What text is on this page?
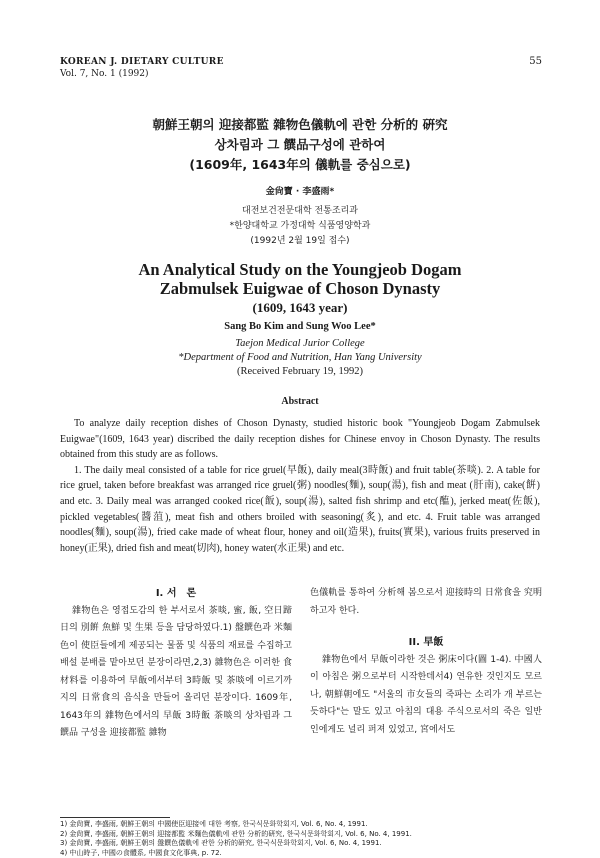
KOREAN J. DIETARY CULTURE
Vol. 7, No. 1 (1992)
55
朝鮮王朝의 迎接都監 雜物色儀軌에 관한 分析的 硏究
상차림과 그 饌品구성에 관하여
(1609年, 1643年의 儀軌를 중심으로)
金尙寶 · 李盛雨*
대전보건전문대학 전통조리과
*한양대학교 가정대학 식품영양학과
(1992년 2월 19일 접수)
An Analytical Study on the Youngjeob Dogam
Zabmulsek Euigwae of Choson Dynasty
(1609, 1643 year)
Sang Bo Kim and Sung Woo Lee*
Taejon Medical Jurior College
*Department of Food and Nutrition, Han Yang University
(Received February 19, 1992)
Abstract

To analyze daily reception dishes of Choson Dynasty, studied historic book "Youngjeob Dogam Zabmulsek Euigwae"(1609, 1643 year) discribed the daily reception dishes for Chinese envoy in Choson Dynasty. The results obtained from this study are as follows.

1. The daily meal consisted of a table for rice gruel(早飯), daily meal(3時飯) and fruit table(茶啖). 2. A table for rice gruel, taken before breakfast was arranged rice gruel(粥) noodles(麵), soup(湯), fish and meat (肝南), cake(餠) and etc. 3. Daily meal was arranged cooked rice(飯), soup(湯), salted fish shrimp and etc(醢), jerked meat(佐飯), pickled vegetables(醬菹), meat fish and others broiled with seasoning(炙), and etc. 4. Fruit table was arranged noodles(麵), soup(湯), fried cake made of wheat flour, honey and oil(造果), fruits(實果), various fruits preserved in honey(正果), dried fish and meat(切肉), honey water(水正果) and etc.

I. 서　론

雜物色은 영접도감의 한 부서로서 茶啖, 蜜, 飯, 空日蹄日의 別餠 魚鮮 및 生果 등을 담당하였다.1) 盤饌色과 米麵色이 使臣들에게 제공되는 물품 및 식품의 재료를 수집하고 배설 분배를 맡아보던 분장이라면,2,3) 雜物色은 이러한 食材料를 이용하여 早飯에서부터 3時飯 및 茶啖에 이르기까지의 日常食의 음식을 만들어 올리던 분장이다. 1609年, 1643年의 雜物色에서의 早飯 3時飯 茶啖의 상차림과 그 饌品 구성을 迎接都監 雜物

色儀軌를 통하여 分析해 봄으로서 迎接時의 日常食을 究明하고자 한다.

II. 早飯

雜物色에서 早飯이라한 것은 粥床이다(圖 1-4). 中國人이 아침은 粥으로부터 시작한데서4) 연유한 것인지도 모르나, 朝鮮朝에도 "서울의 市女들의 죽파는 소리가 개 부르는 듯하다"는 말도 있고 아침의 대용 주식으로서의 죽은 일반인에게도 널리 퍼져 있었고, 宮에서도

1) 金尙寶, 李盛雨, 朝鮮王朝의 中國使臣迎接에 대한 考察, 한국식문화학회지, Vol. 6, No. 4, 1991.
2) 金尙寶, 李盛雨, 朝鮮王朝의 迎接都監 米麵色儀軌에 관한 分析的硏究, 한국식문화학회지, Vol. 6, No. 4, 1991.
3) 金尙寶, 李盛雨, 朝鮮王朝의 盤饌色儀軌에 관한 分析的硏究, 한국식문화학회지, Vol. 6, No. 4, 1991.
4) 中山時子, 中國の食體系, 中國食文化事典, p. 72.
